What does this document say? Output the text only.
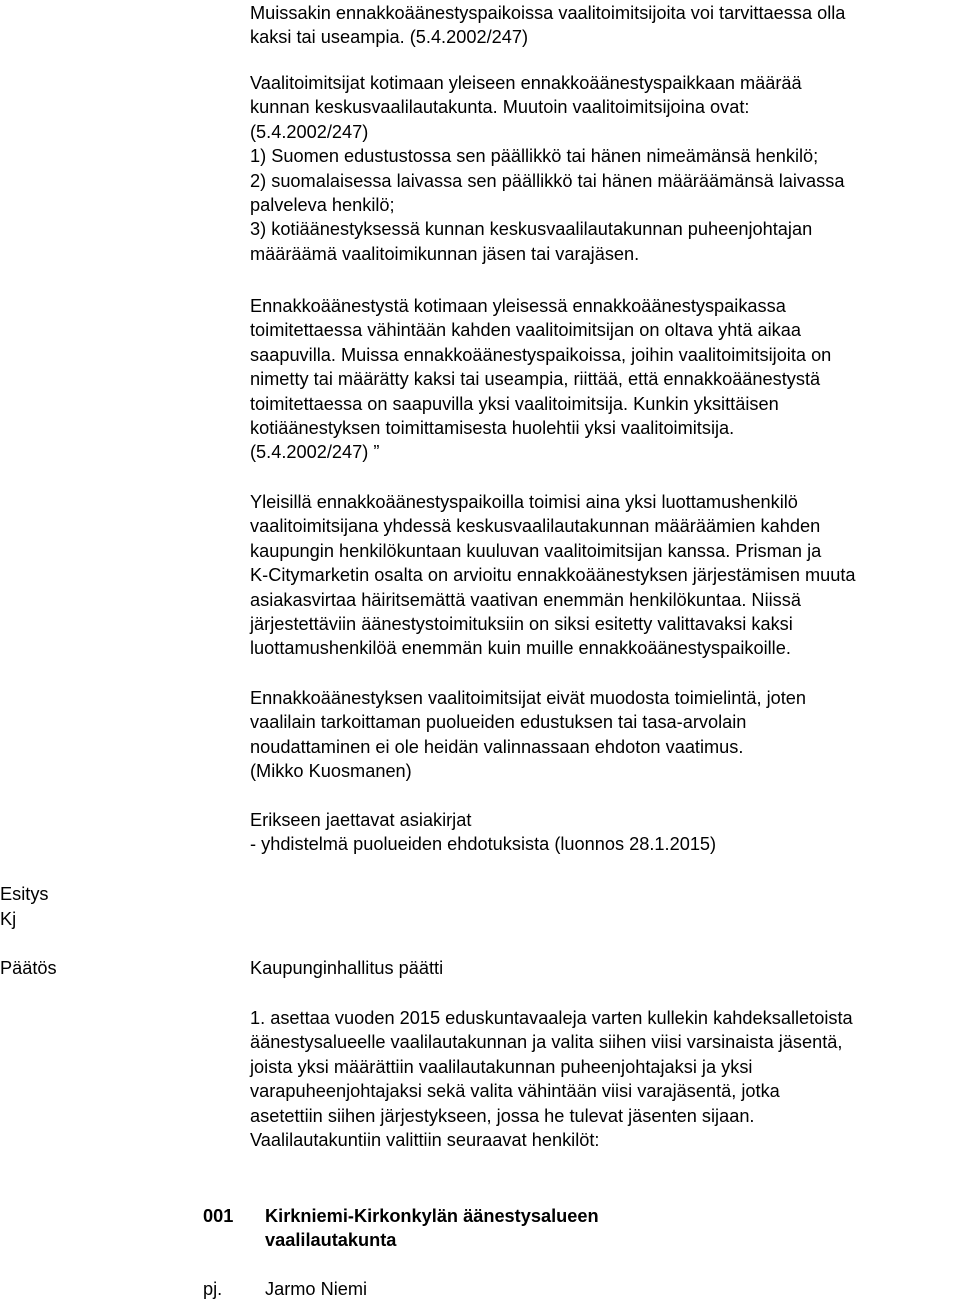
Muissakin ennakkoäänestyspaikoissa vaalitoimitsijoita voi tarvittaessa olla
kaksi tai useampia. (5.4.2002/247)
Vaalitoimitsijat kotimaan yleiseen ennakkoäänestyspaikkaan määrää
kunnan keskusvaalilautakunta. Muutoin vaalitoimitsijoina ovat:
(5.4.2002/247)
1) Suomen edustustossa sen päällikkö tai hänen nimeämänsä henkilö;
2) suomalaisessa laivassa sen päällikkö tai hänen määräämänsä laivassa
palveleva henkilö;
3) kotiäänestyksessä kunnan keskusvaalilautakunnan puheenjohtajan
määräämä vaalitoimikunnan jäsen tai varajäsen.
Ennakkoäänestystä kotimaan yleisessä ennakkoäänestyspaikassa
toimitettaessa vähintään kahden vaalitoimitsijan on oltava yhtä aikaa
saapuvilla. Muissa ennakkoäänestyspaikoissa, joihin vaalitoimitsijoita on
nimetty tai määrätty kaksi tai useampia, riittää, että ennakkoäänestystä
toimitettaessa on saapuvilla yksi vaalitoimitsija. Kunkin yksittäisen
kotiäänestyksen toimittamisesta huolehtii yksi vaalitoimitsija.
(5.4.2002/247) ”
Yleisillä ennakkoäänestyspaikoilla toimisi aina yksi luottamushenkilö
vaalitoimitsijana yhdessä keskusvaalilautakunnan määräämien kahden
kaupungin henkilökuntaan kuuluvan vaalitoimitsijan kanssa. Prisman ja
K-Citymarketin osalta on arvioitu ennakkoäänestyksen järjestämisen muuta
asiakasvirtaa häiritsemättä vaativan enemmän henkilökuntaa. Niissä
järjestettäviin äänestystoimituksiin on siksi esitetty valittavaksi kaksi
luottamushenkilöä enemmän kuin muille ennakkoäänestyspaikoille.
Ennakkoäänestyksen vaalitoimitsijat eivät muodosta toimielintä, joten
vaalilain tarkoittaman puolueiden edustuksen tai tasa-arvolain
noudattaminen ei ole heidän valinnassaan ehdoton vaatimus.
(Mikko Kuosmanen)
Erikseen jaettavat asiakirjat
- yhdistelmä puolueiden ehdotuksista (luonnos 28.1.2015)
Esitys
Kj
Päätös	Kaupunginhallitus päätti
1. asettaa vuoden 2015 eduskuntavaaleja varten kullekin kahdeksalletoista
äänestysalueelle vaalilautakunnan ja valita siihen viisi varsinaista jäsentä,
joista yksi määrättiin vaalilautakunnan puheenjohtajaksi ja yksi
varapuheenjohtajaksi sekä valita vähintään viisi varajäsentä, jotka
asetettiin siihen järjestykseen, jossa he tulevat jäsenten sijaan.
Vaalilautakuntiin valittiin seuraavat henkilöt:
001 Kirkniemi-Kirkonkylän äänestysalueen
vaalilautakunta
pj. Jarmo Niemi
